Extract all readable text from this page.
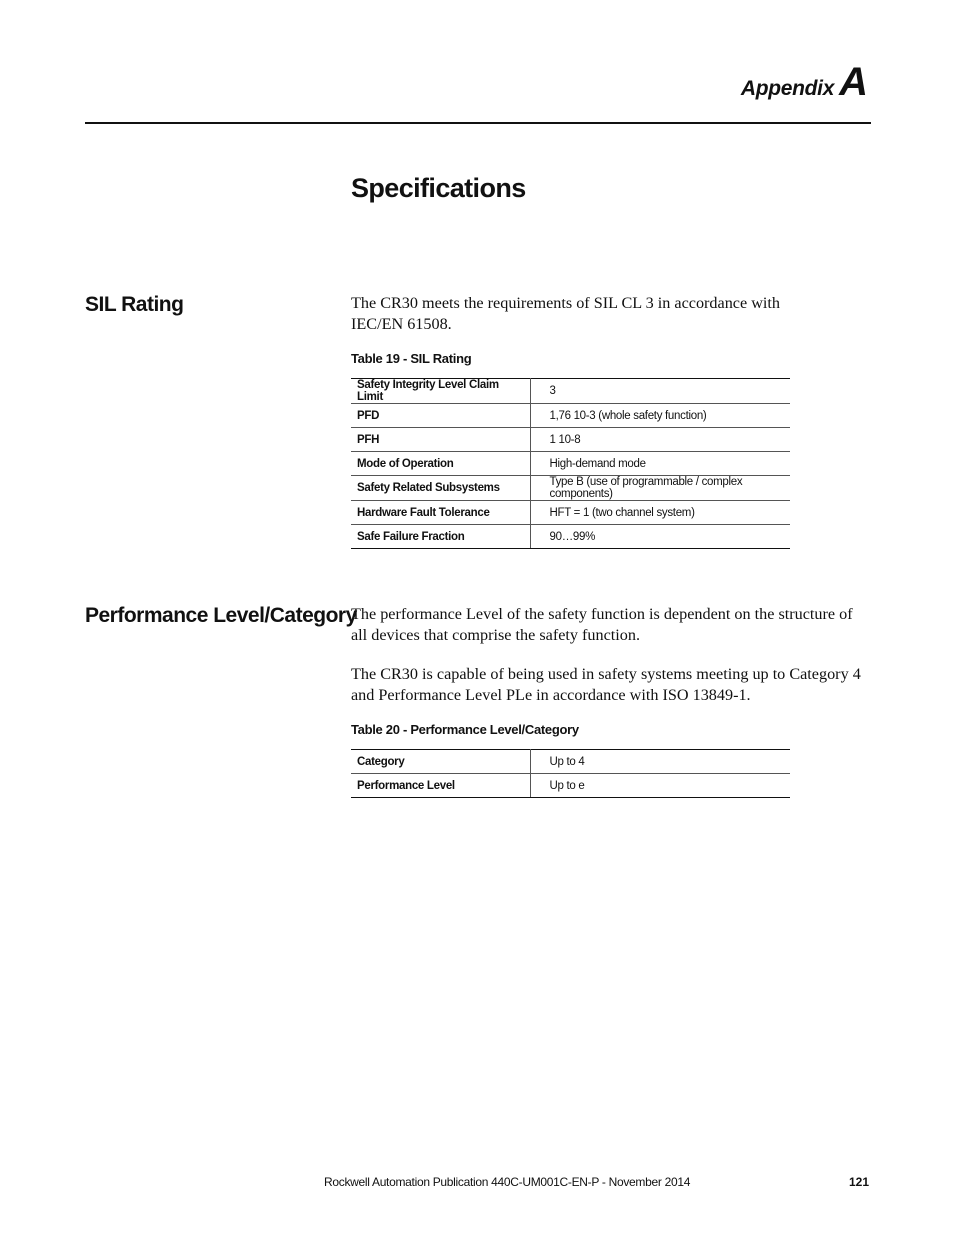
Appendix A
Specifications
SIL Rating	The CR30 meets the requirements of SIL CL 3 in accordance with IEC/EN 61508.

Table 19 - SIL Rating

Safety Integrity Level Claim Limit	3
PFD	1,76 10-3 (whole safety function)
PFH	1 10-8
Mode of Operation	High-demand mode
Safety Related Subsystems	Type B (use of programmable / complex components)
Hardware Fault Tolerance	HFT = 1 (two channel system)
Safe Failure Fraction	90…99%
Performance Level/Category

The performance Level of the safety function is dependent on the structure of all devices that comprise the safety function.

The CR30 is capable of being used in safety systems meeting up to Category 4 and Performance Level PLe in accordance with ISO 13849-1.

Table 20 - Performance Level/Category

Category	Up to 4
Performance Level	Up to e
Rockwell Automation Publication 440C-UM001C-EN-P - November 2014	121
